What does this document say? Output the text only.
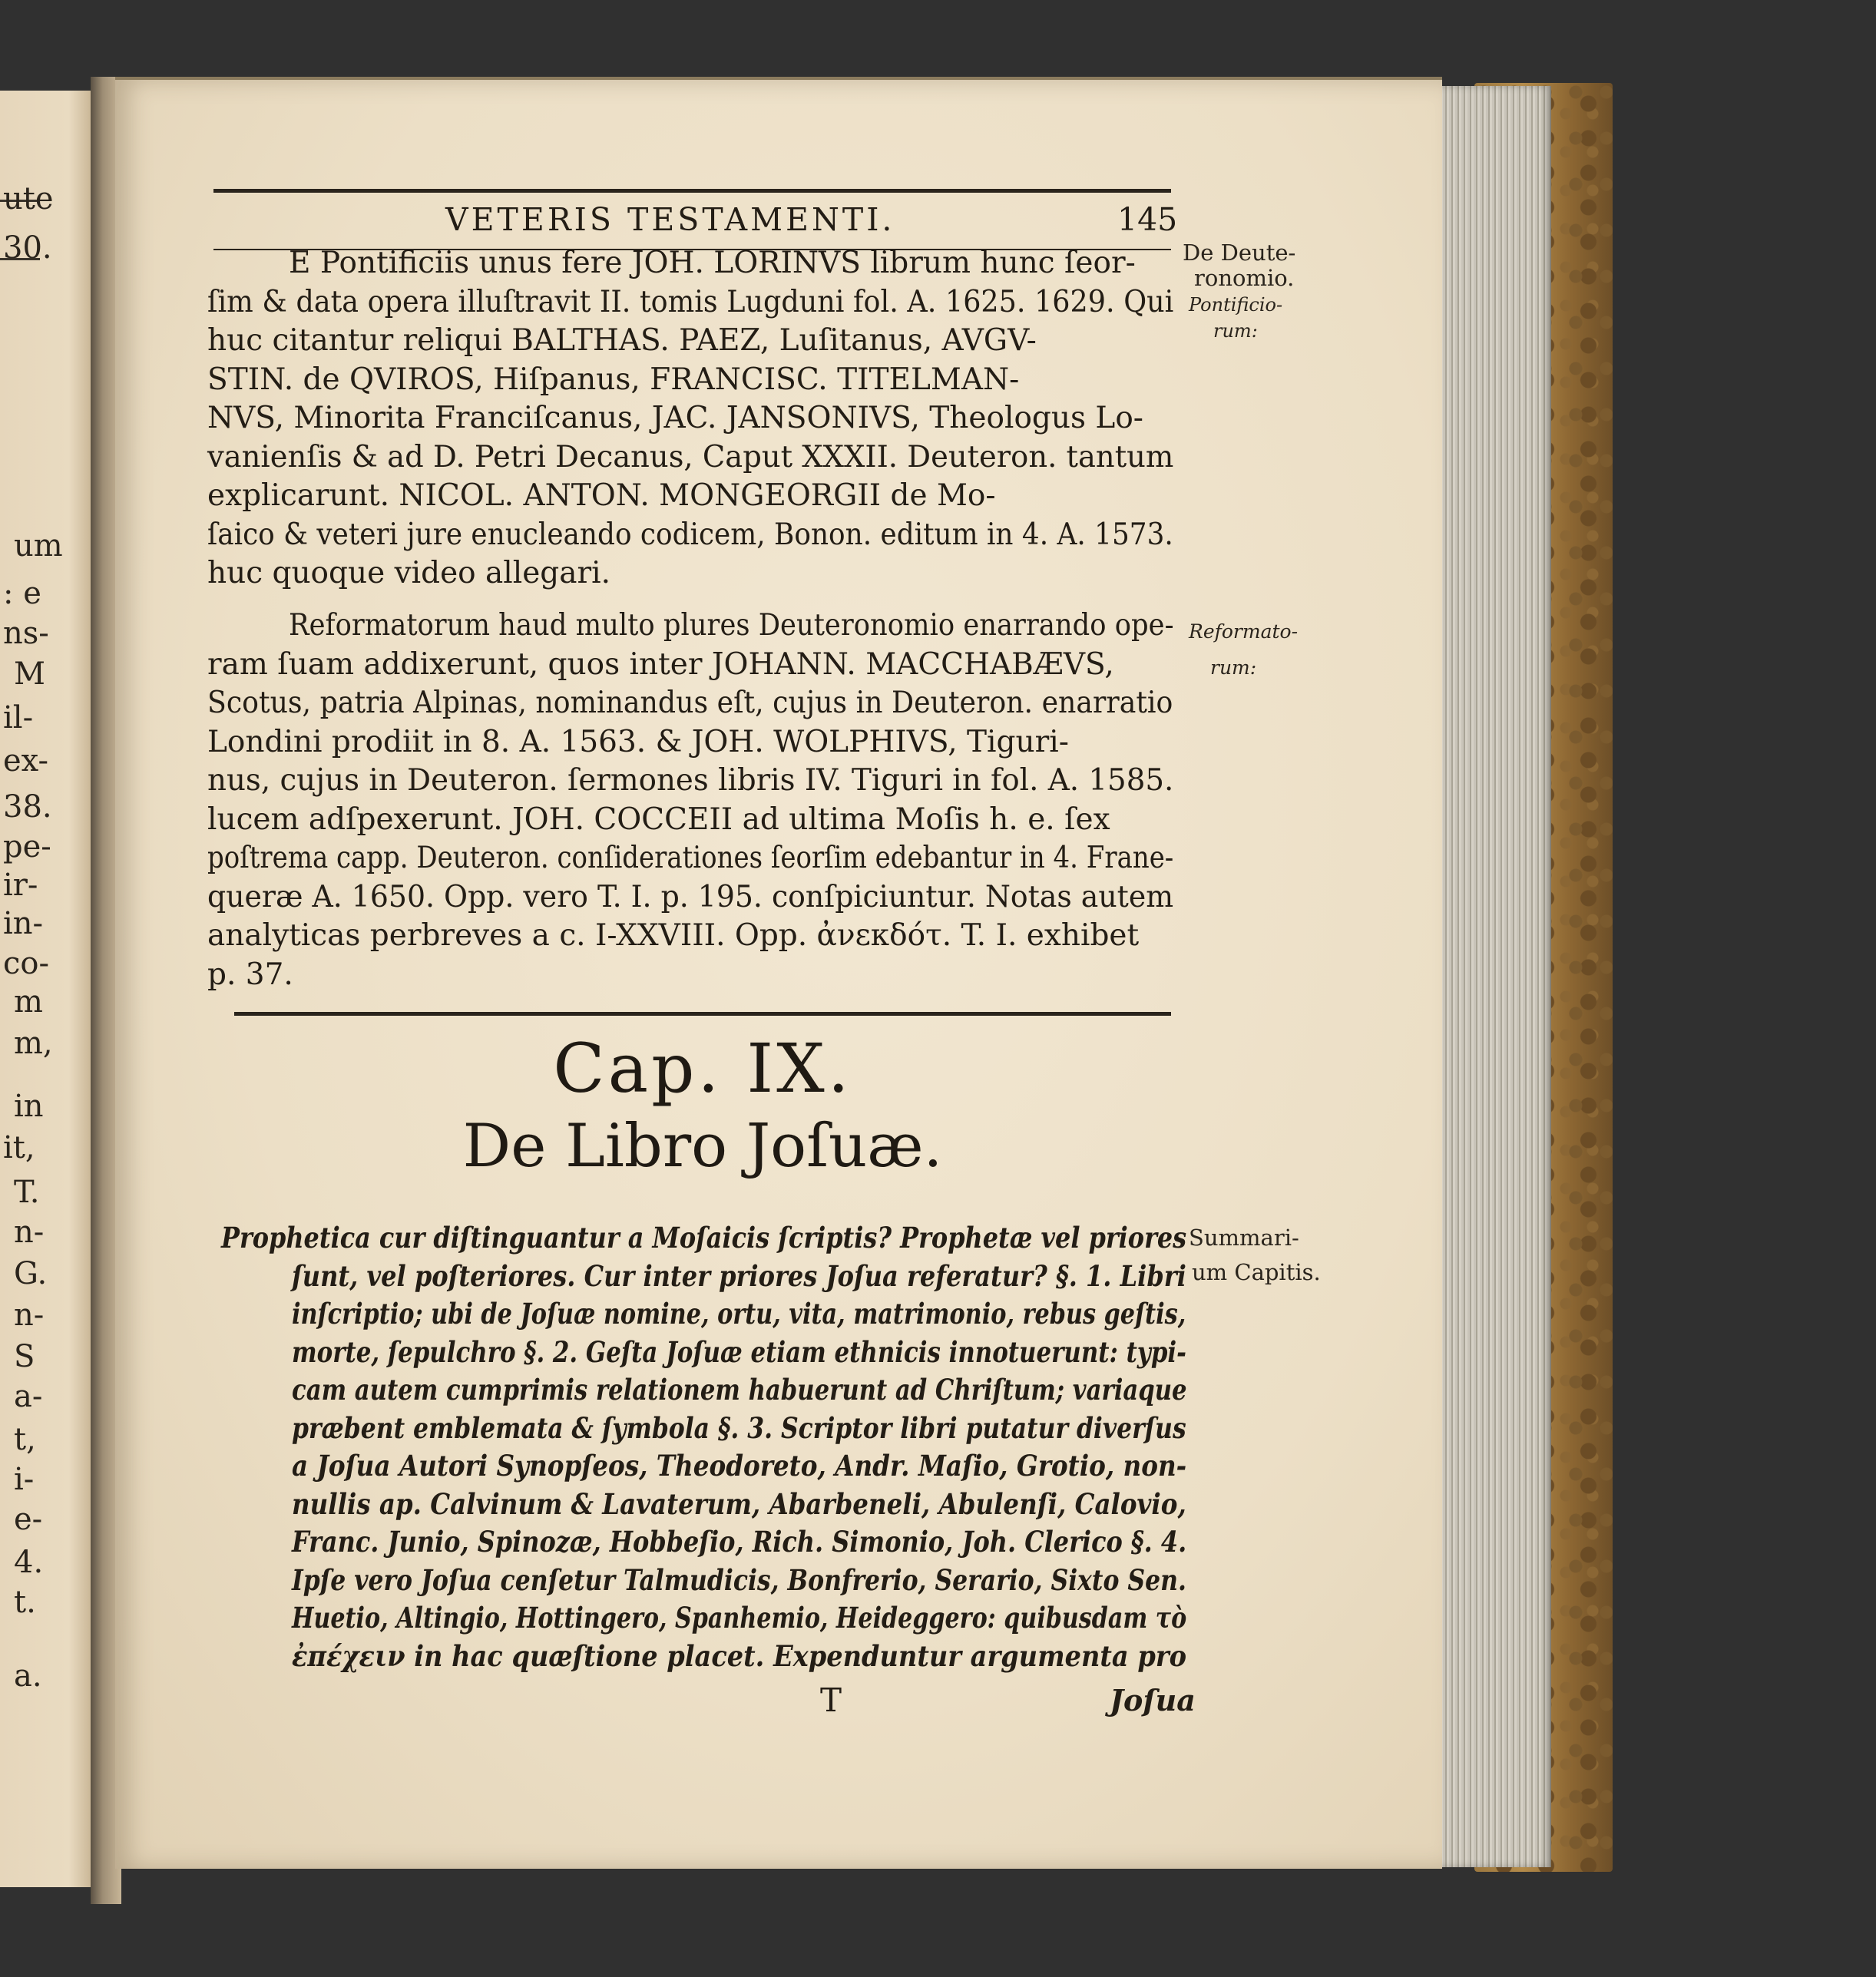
ute
30.
um
: e
ns-
M
il-
ex-
38.
pe-
ir-
in-
co-
m
m,
in
it,
T.
n-
G.
n-
S
a-
t,
i-
e-
4.
t.
a.
VETERIS TESTAMENTI.	145
De Deute-
ronomio.
Pontificio-
rum:
Reformato-
rum:
Summari-
um Capitis.
E Pontificiis unus fere JOH. LORINVS librum hunc ſeor-
ſim & data opera illuſtravit II. tomis Lugduni fol. A. 1625. 1629. Qui
huc citantur reliqui BALTHAS. PAEZ, Luſitanus, AVGV-
STIN. de QVIROS, Hiſpanus, FRANCISC. TITELMAN-
NVS, Minorita Franciſcanus, JAC. JANSONIVS, Theologus Lo-
vanienſis & ad D. Petri Decanus, Caput XXXII. Deuteron. tantum
explicarunt. NICOL. ANTON. MONGEORGII de Mo-
ſaico & veteri jure enucleando codicem, Bonon. editum in 4. A. 1573.
huc quoque video allegari.
Reformatorum haud multo plures Deuteronomio enarrando ope-
ram ſuam addixerunt, quos inter JOHANN. MACCHABÆVS,
Scotus, patria Alpinas, nominandus eſt, cujus in Deuteron. enarratio
Londini prodiit in 8. A. 1563. & JOH. WOLPHIVS, Tiguri-
nus, cujus in Deuteron. ſermones libris IV. Tiguri in fol. A. 1585.
lucem adſpexerunt. JOH. COCCEII ad ultima Moſis h. e. ſex
poſtrema capp. Deuteron. conſiderationes ſeorſim edebantur in 4. Frane-
queræ A. 1650. Opp. vero T. I. p. 195. conſpiciuntur. Notas autem
analyticas perbreves a c. I-XXVIII. Opp. ἀνεκδότ. T. I. exhibet
p. 37.
Cap. IX.
De Libro Joſuæ.
Prophetica cur diſtinguantur a Moſaicis ſcriptis? Prophetæ vel priores
ſunt, vel poſteriores. Cur inter priores Joſua referatur? §. 1. Libri
inſcriptio; ubi de Joſuæ nomine, ortu, vita, matrimonio, rebus geſtis,
morte, ſepulchro §. 2. Geſta Joſuæ etiam ethnicis innotuerunt: typi-
cam autem cumprimis relationem habuerunt ad Chriſtum; variaque
præbent emblemata & ſymbola §. 3. Scriptor libri putatur diverſus
a Joſua Autori Synopſeos, Theodoreto, Andr. Maſio, Grotio, non-
nullis ap. Calvinum & Lavaterum, Abarbeneli, Abulenſi, Calovio,
Franc. Junio, Spinozæ, Hobbeſio, Rich. Simonio, Joh. Clerico §. 4.
Ipſe vero Joſua cenſetur Talmudicis, Bonfrerio, Serario, Sixto Sen.
Huetio, Altingio, Hottingero, Spanhemio, Heideggero: quibusdam τὸ
ἐπέχειν in hac quæſtione placet. Expenduntur argumenta pro
T	Joſua
